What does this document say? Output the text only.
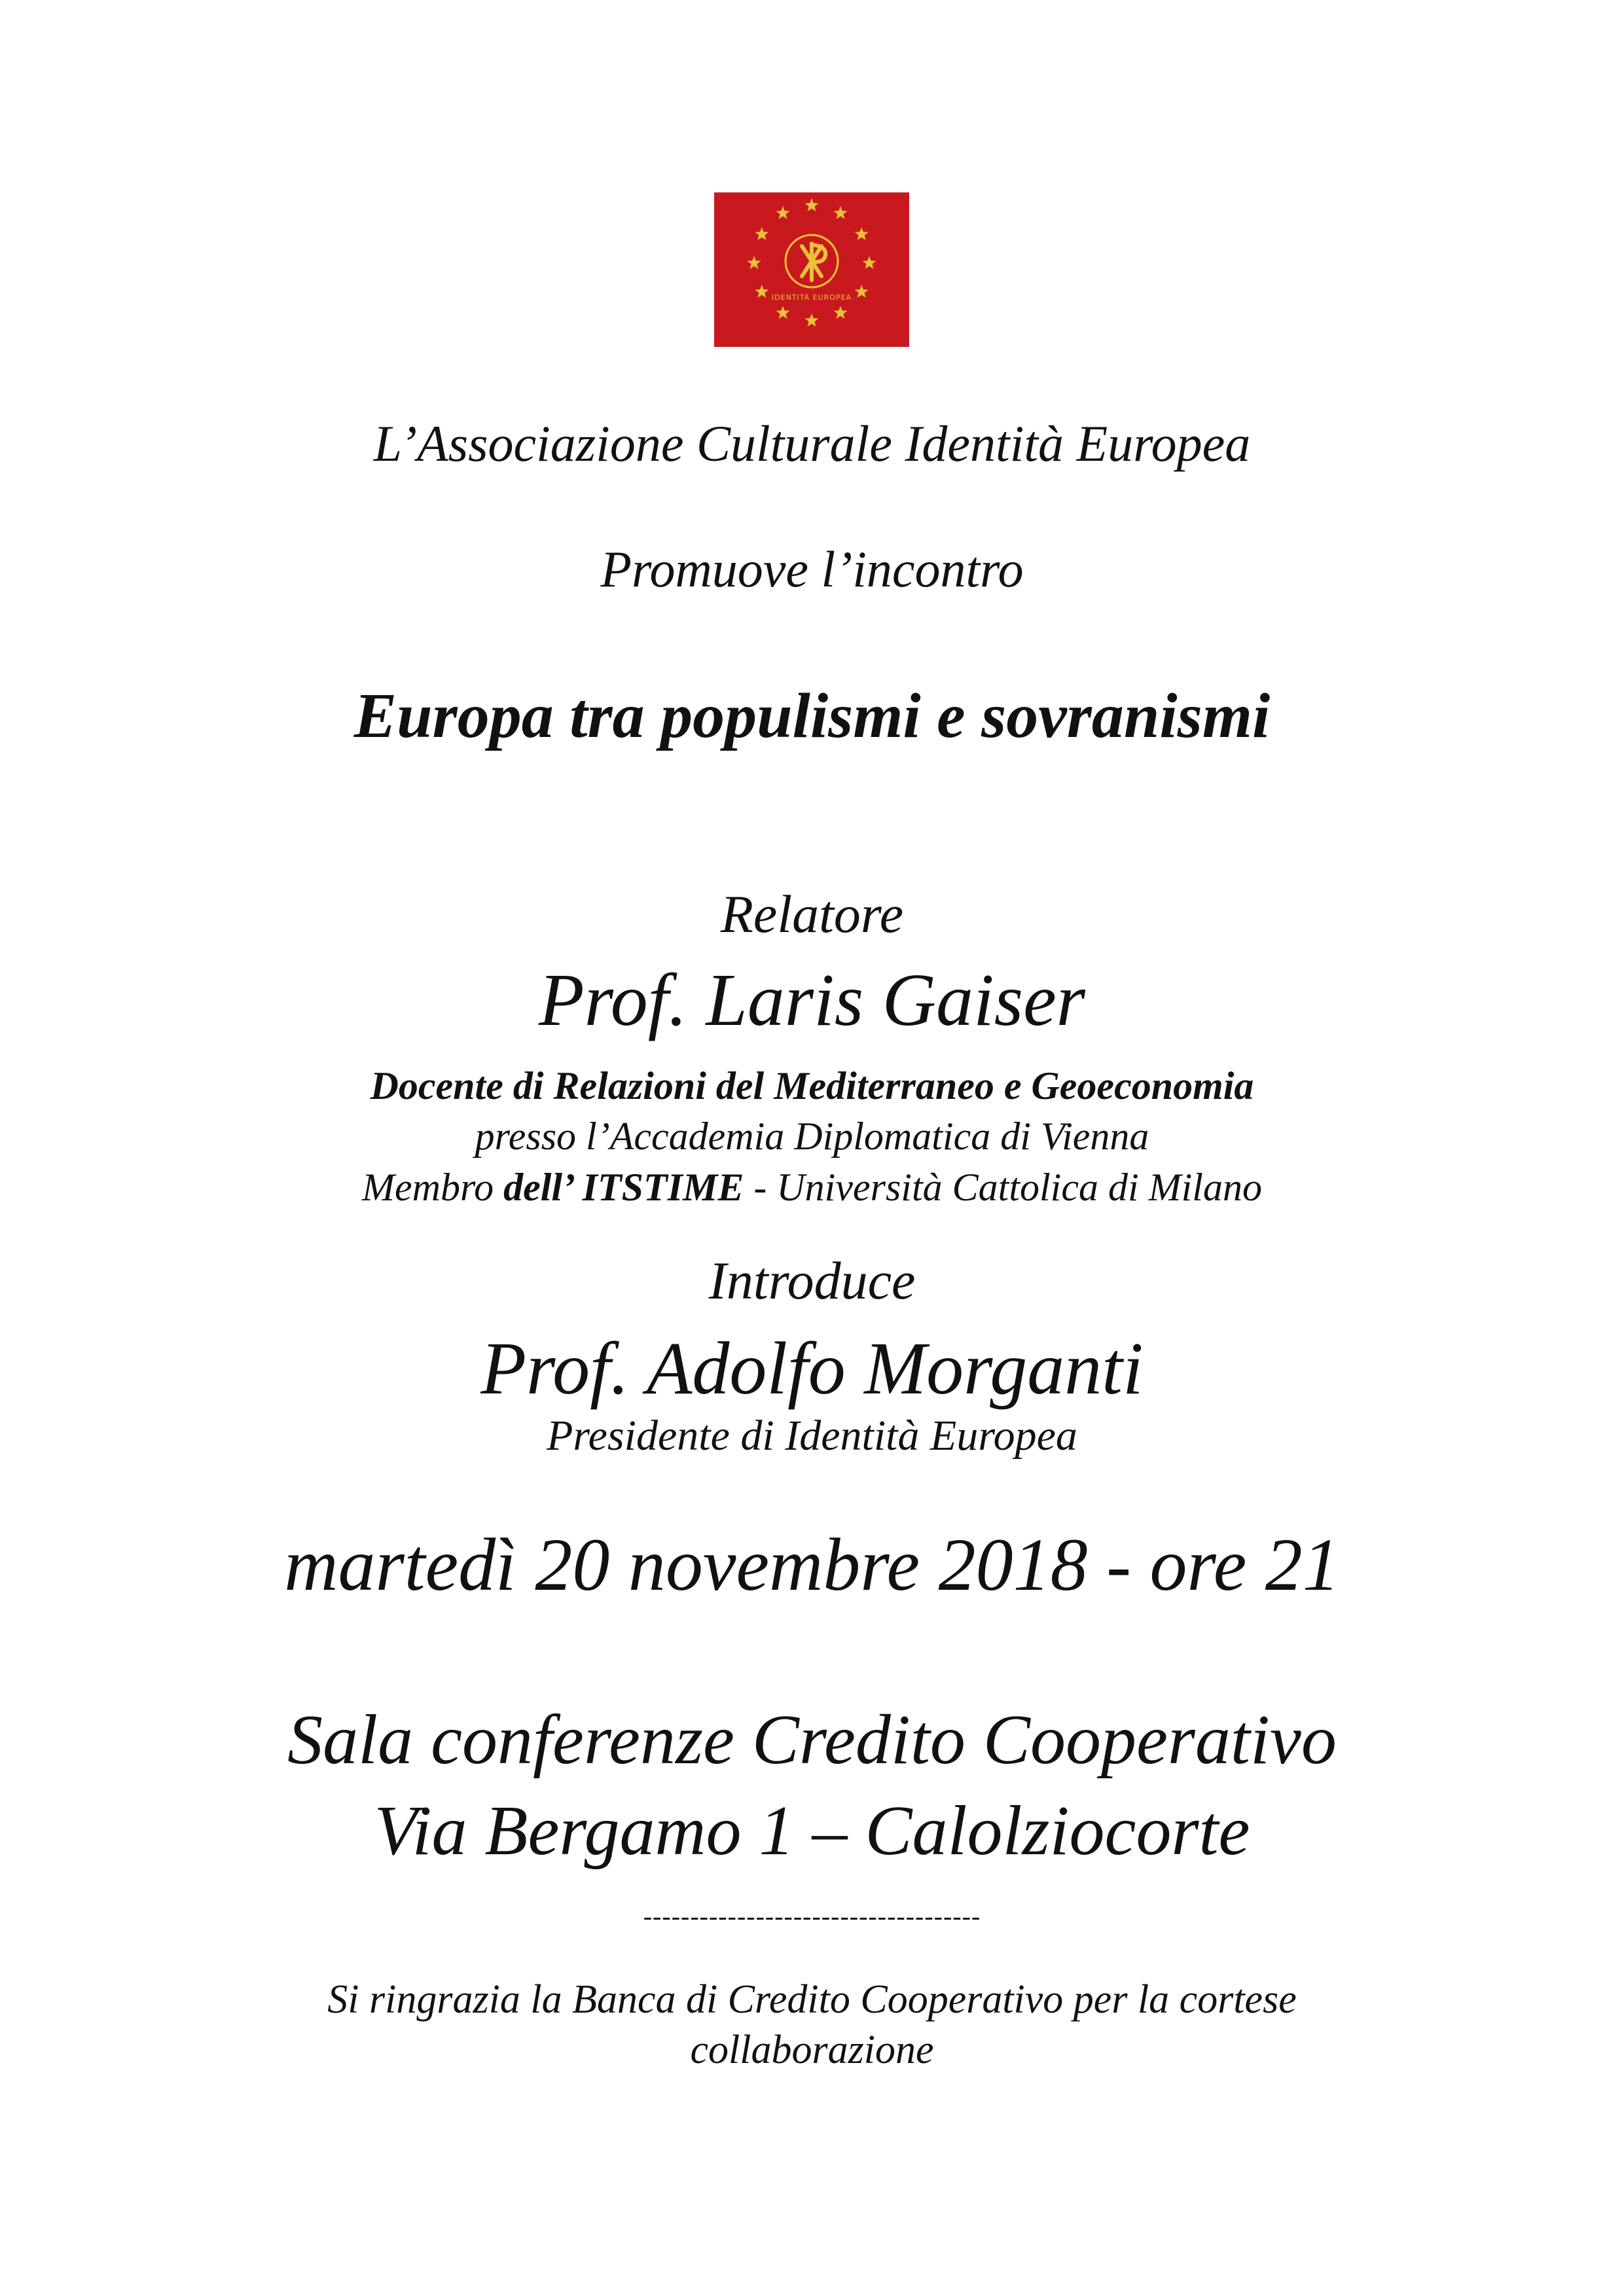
IDENTITÀ EUROPEA
L’Associazione Culturale Identità Europea
Promuove l’incontro
Europa tra populismi e sovranismi
Relatore
Prof. Laris Gaiser
Docente di Relazioni del Mediterraneo e Geoeconomia
presso l’Accademia Diplomatica di Vienna
Membro dell’ ITSTIME - Università Cattolica di Milano
Introduce
Prof. Adolfo Morganti
Presidente di Identità Europea
martedì 20 novembre 2018 - ore 21
Sala conferenze Credito Cooperativo
Via Bergamo 1 – Calolziocorte
------------------------------------
Si ringrazia la Banca di Credito Cooperativo per la cortese
collaborazione
